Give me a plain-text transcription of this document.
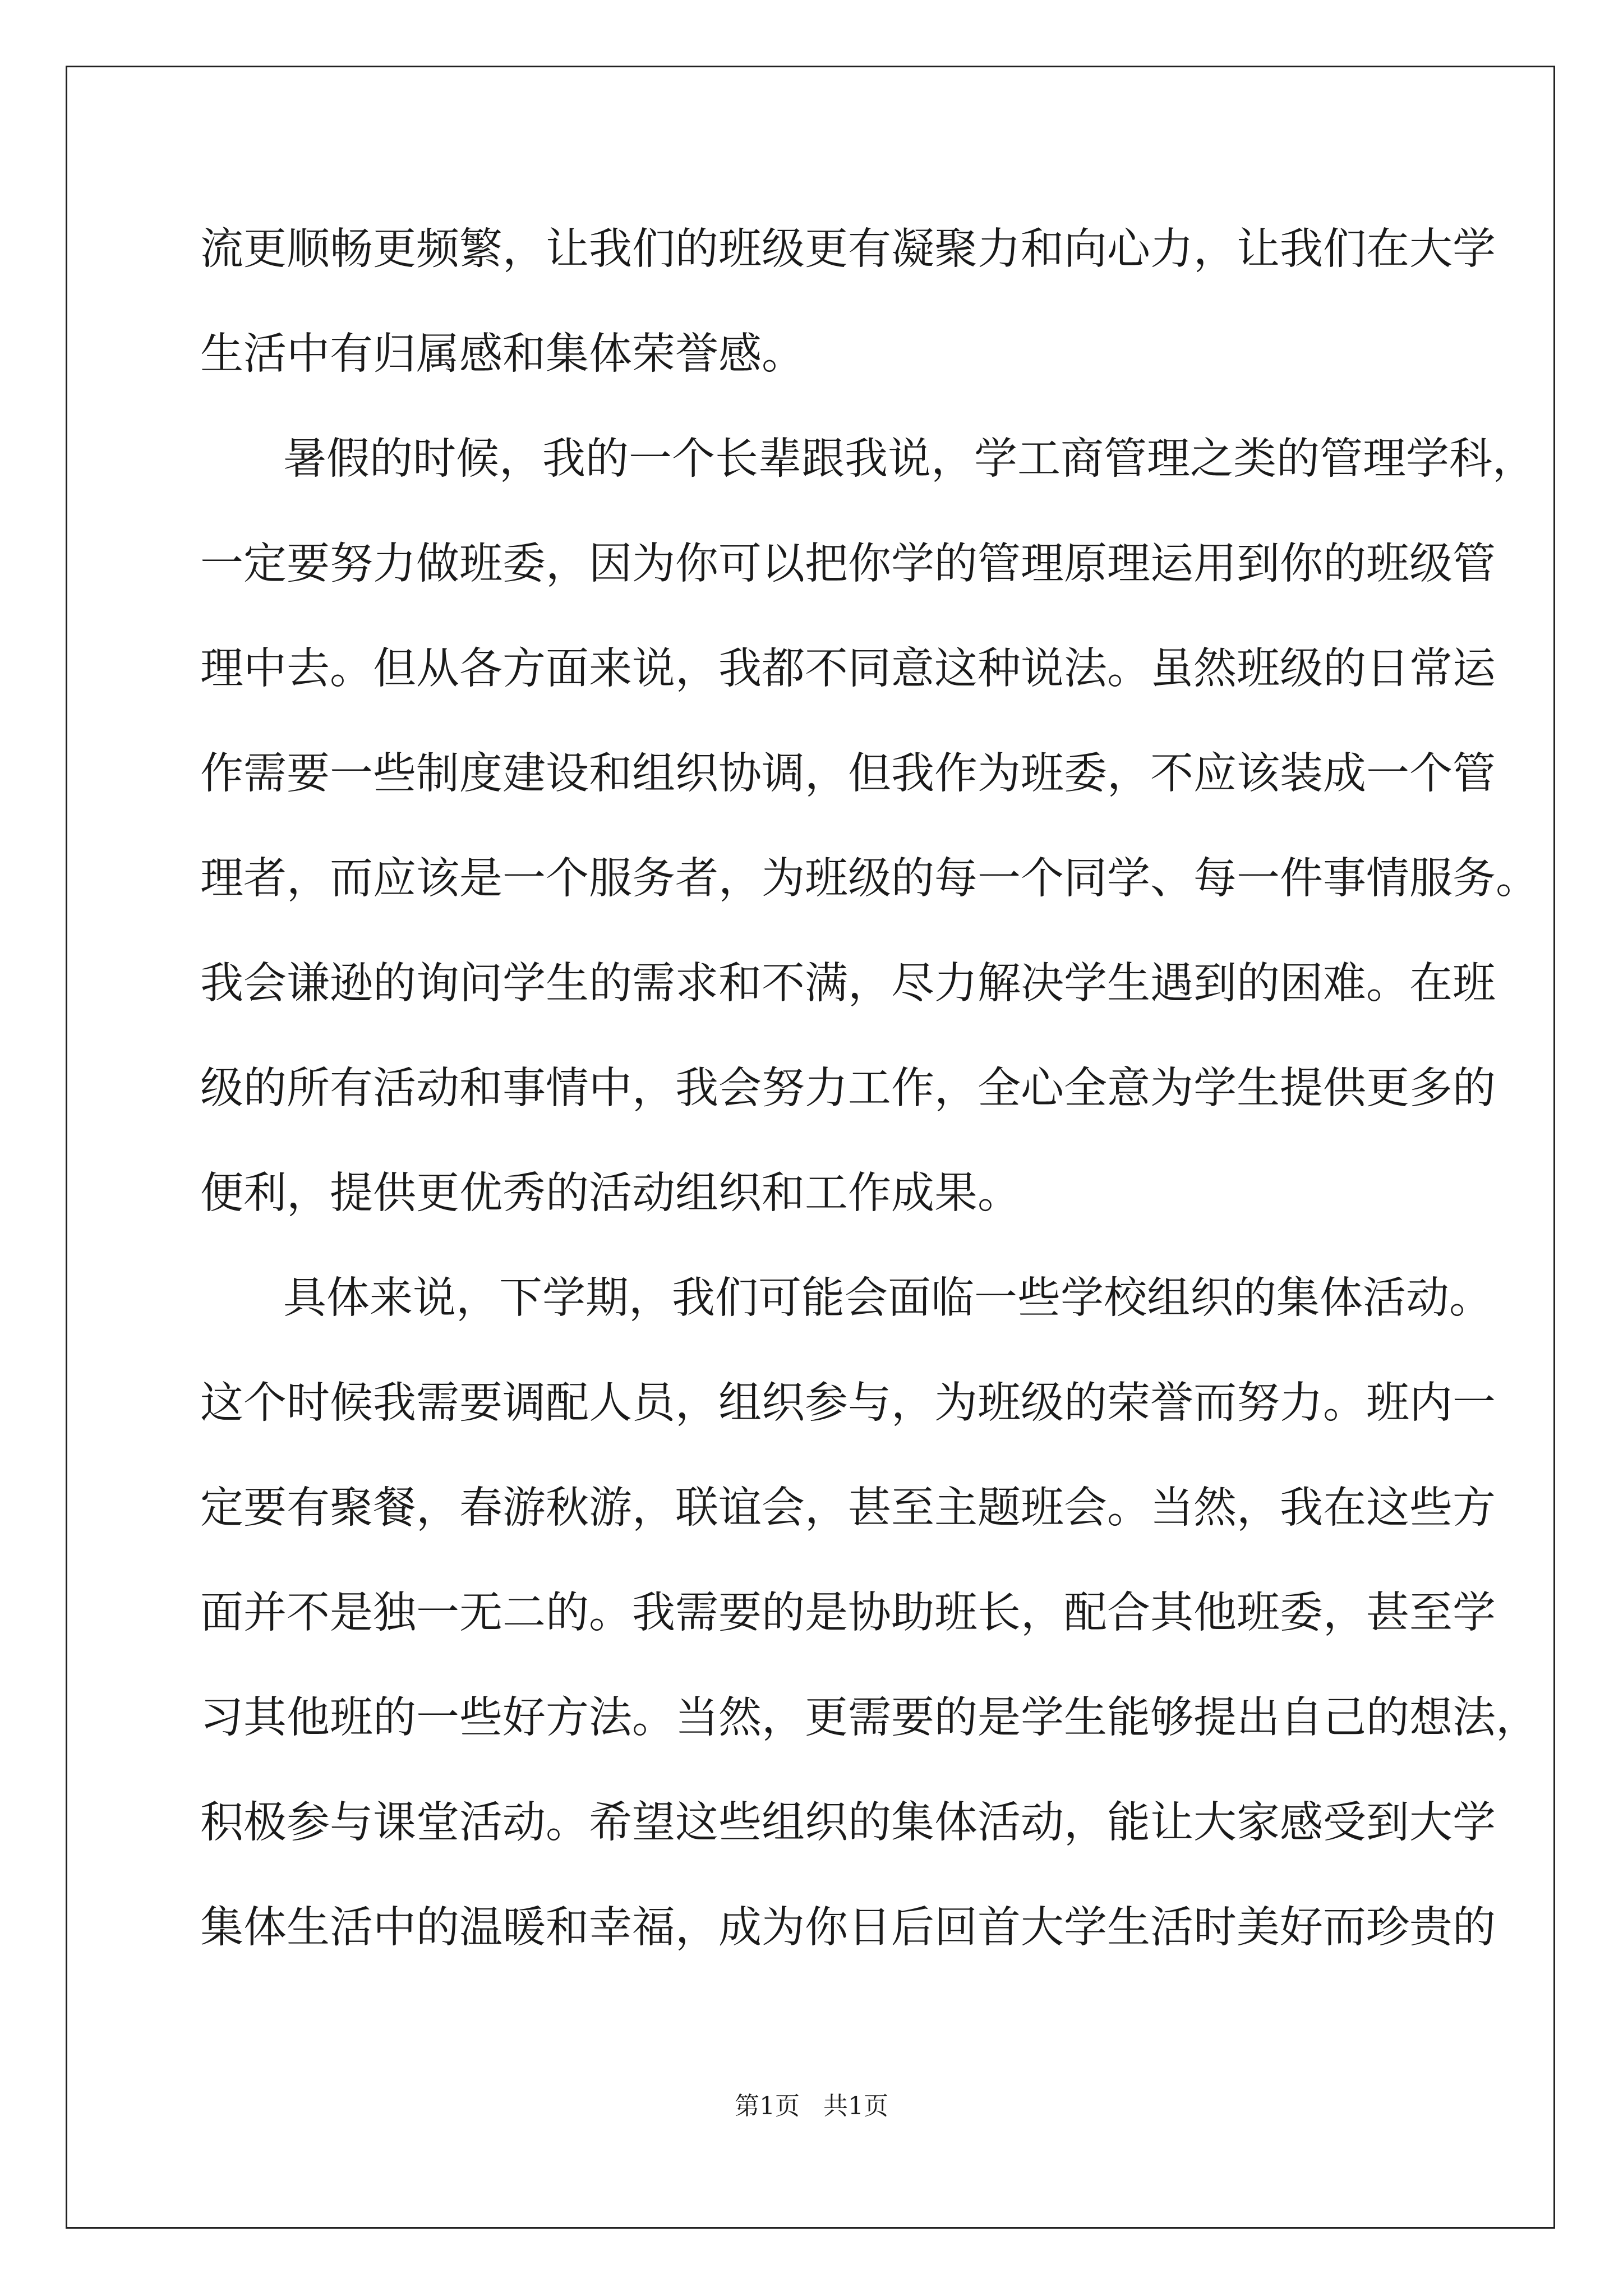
流更顺畅更频繁，让我们的班级更有凝聚力和向心力，让我们在大学
生活中有归属感和集体荣誉感。
暑假的时候，我的一个长辈跟我说，学工商管理之类的管理学科，
一定要努力做班委，因为你可以把你学的管理原理运用到你的班级管
理中去。但从各方面来说，我都不同意这种说法。虽然班级的日常运
作需要一些制度建设和组织协调，但我作为班委，不应该装成一个管
理者，而应该是一个服务者，为班级的每一个同学、每一件事情服务。
我会谦逊的询问学生的需求和不满，尽力解决学生遇到的困难。在班
级的所有活动和事情中，我会努力工作，全心全意为学生提供更多的
便利，提供更优秀的活动组织和工作成果。
具体来说，下学期，我们可能会面临一些学校组织的集体活动。
这个时候我需要调配人员，组织参与，为班级的荣誉而努力。班内一
定要有聚餐，春游秋游，联谊会，甚至主题班会。当然，我在这些方
面并不是独一无二的。我需要的是协助班长，配合其他班委，甚至学
习其他班的一些好方法。当然，更需要的是学生能够提出自己的想法，
积极参与课堂活动。希望这些组织的集体活动，能让大家感受到大学
集体生活中的温暖和幸福，成为你日后回首大学生活时美好而珍贵的
第1页   共1页
